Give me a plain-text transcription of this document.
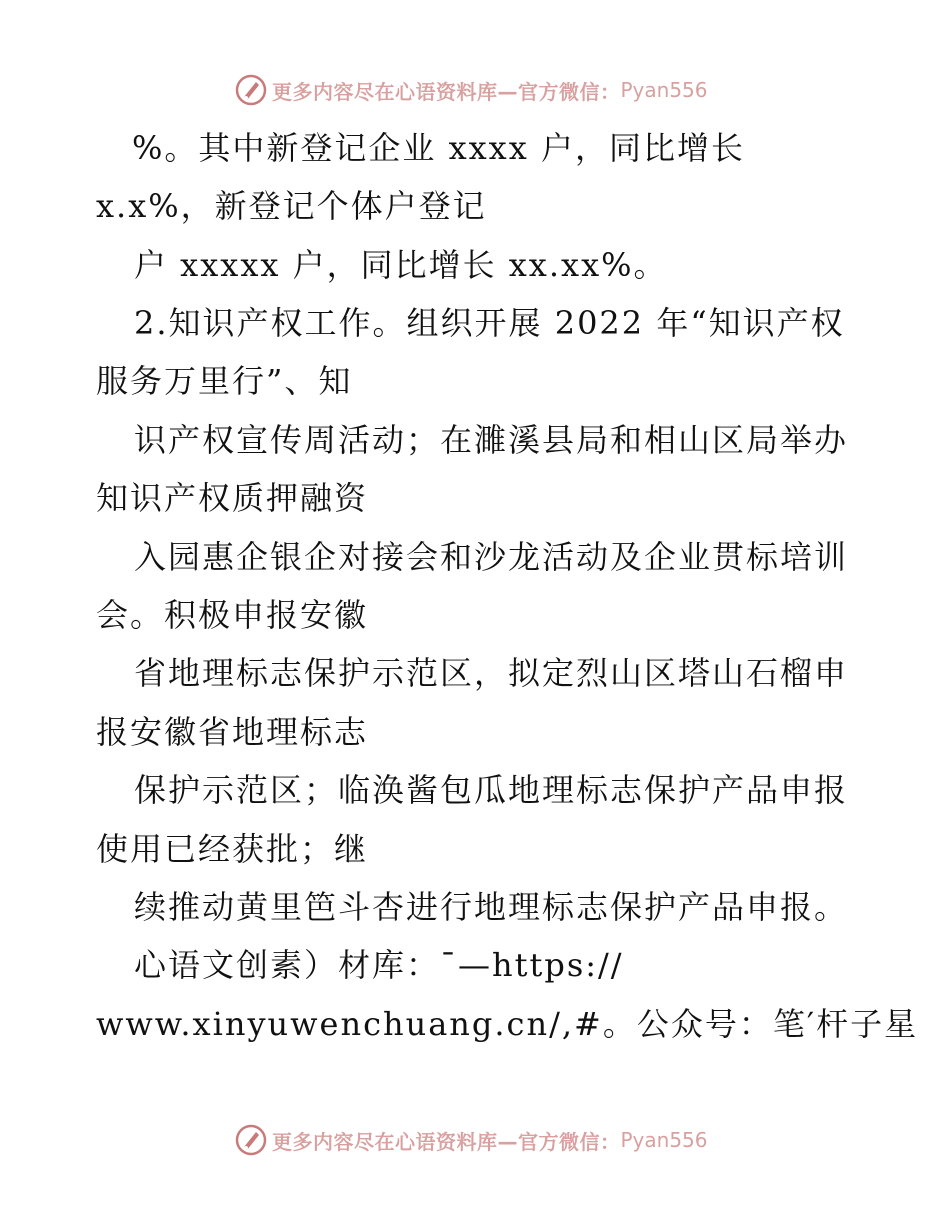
更多内容尽在心语资料库—官方微信： Pyan556
%。其中新登记企业 xxxx 户，同比增长
x.x%，新登记个体户登记
户 xxxxx 户，同比增长 xx.xx%。
2.知识产权工作。组织开展 2022 年“知识产权
服务万里行”、知
识产权宣传周活动；在濉溪县局和相山区局举办
知识产权质押融资
入园惠企银企对接会和沙龙活动及企业贯标培训
会。积极申报安徽
省地理标志保护示范区，拟定烈山区塔山石榴申
报安徽省地理标志
保护示范区；临涣酱包瓜地理标志保护产品申报
使用已经获批；继
续推动黄里笆斗杏进行地理标志保护产品申报。
心语文创素）材库：¯—https://
www.xinyuwenchuang.cn/,#。公众号：笔′杆子星
更多内容尽在心语资料库—官方微信： Pyan556
